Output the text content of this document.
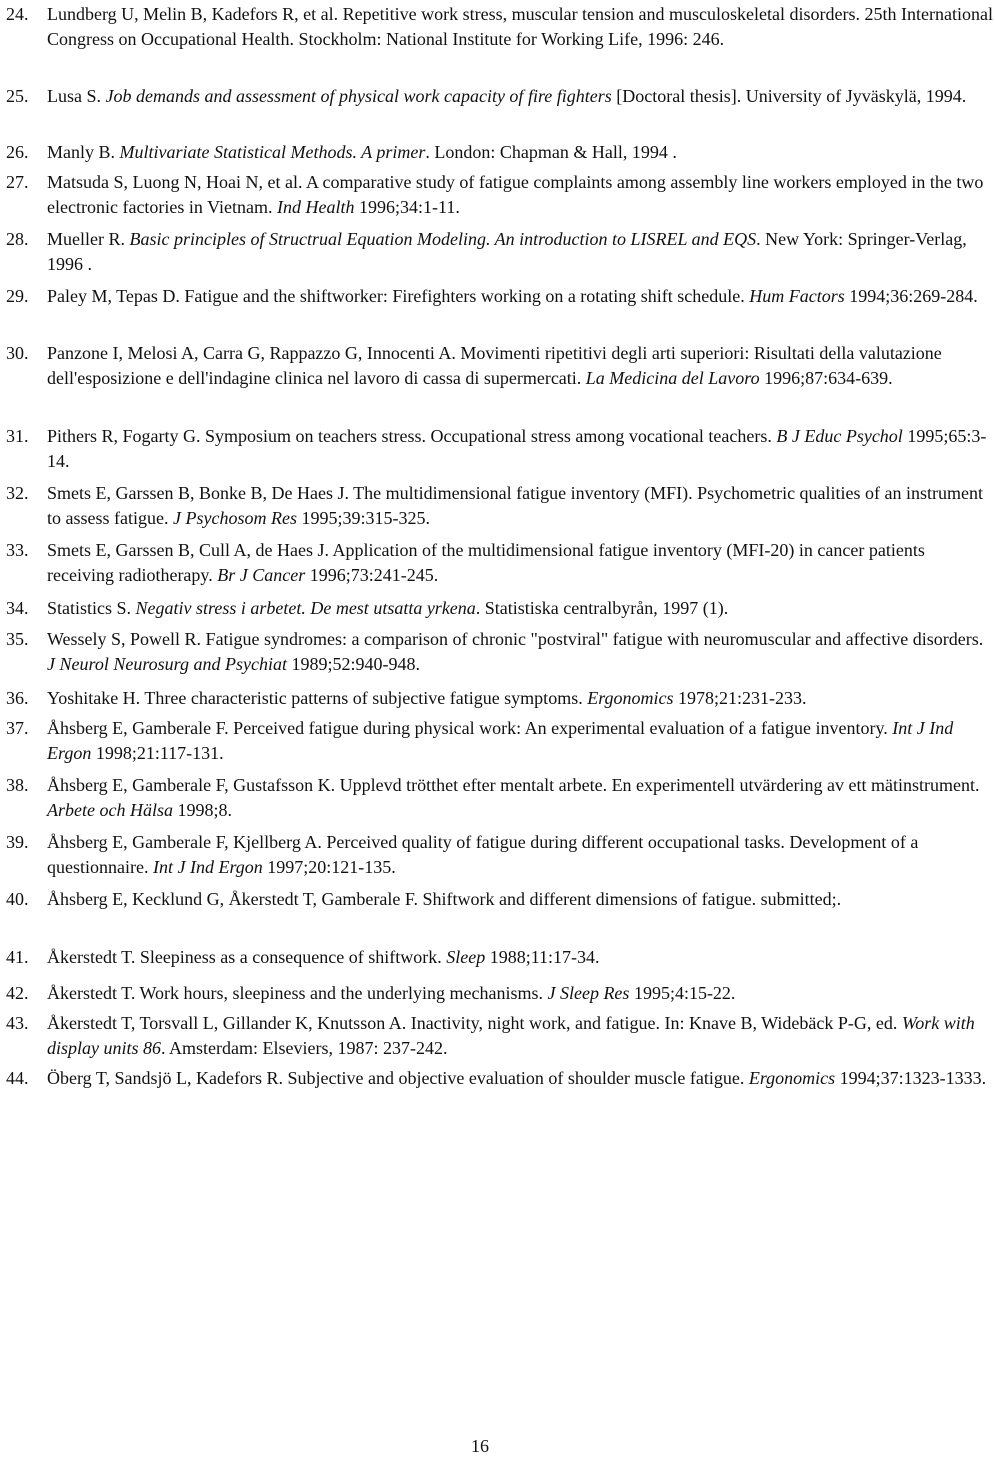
24. Lundberg U, Melin B, Kadefors R, et al. Repetitive work stress, muscular tension and musculoskeletal disorders. 25th International Congress on Occupational Health. Stockholm: National Institute for Working Life, 1996: 246.
25. Lusa S. Job demands and assessment of physical work capacity of fire fighters [Doctoral thesis]. University of Jyväskylä, 1994.
26. Manly B. Multivariate Statistical Methods. A primer. London: Chapman & Hall, 1994 .
27. Matsuda S, Luong N, Hoai N, et al. A comparative study of fatigue complaints among assembly line workers employed in the two electronic factories in Vietnam. Ind Health 1996;34:1-11.
28. Mueller R. Basic principles of Structrual Equation Modeling. An introduction to LISREL and EQS. New York: Springer-Verlag, 1996 .
29. Paley M, Tepas D. Fatigue and the shiftworker: Firefighters working on a rotating shift schedule. Hum Factors 1994;36:269-284.
30. Panzone I, Melosi A, Carra G, Rappazzo G, Innocenti A. Movimenti ripetitivi degli arti superiori: Risultati della valutazione dell'esposizione e dell'indagine clinica nel lavoro di cassa di supermercati. La Medicina del Lavoro 1996;87:634-639.
31. Pithers R, Fogarty G. Symposium on teachers stress. Occupational stress among vocational teachers. B J Educ Psychol 1995;65:3-14.
32. Smets E, Garssen B, Bonke B, De Haes J. The multidimensional fatigue inventory (MFI). Psychometric qualities of an instrument to assess fatigue. J Psychosom Res 1995;39:315-325.
33. Smets E, Garssen B, Cull A, de Haes J. Application of the multidimensional fatigue inventory (MFI-20) in cancer patients receiving radiotherapy. Br J Cancer 1996;73:241-245.
34. Statistics S. Negativ stress i arbetet. De mest utsatta yrkena. Statistiska centralbyrån, 1997 (1).
35. Wessely S, Powell R. Fatigue syndromes: a comparison of chronic "postviral" fatigue with neuromuscular and affective disorders. J Neurol Neurosurg and Psychiat 1989;52:940-948.
36. Yoshitake H. Three characteristic patterns of subjective fatigue symptoms. Ergonomics 1978;21:231-233.
37. Åhsberg E, Gamberale F. Perceived fatigue during physical work: An experimental evaluation of a fatigue inventory. Int J Ind Ergon 1998;21:117-131.
38. Åhsberg E, Gamberale F, Gustafsson K. Upplevd trötthet efter mentalt arbete. En experimentell utvärdering av ett mätinstrument. Arbete och Hälsa 1998;8.
39. Åhsberg E, Gamberale F, Kjellberg A. Perceived quality of fatigue during different occupational tasks. Development of a questionnaire. Int J Ind Ergon 1997;20:121-135.
40. Åhsberg E, Kecklund G, Åkerstedt T, Gamberale F. Shiftwork and different dimensions of fatigue. submitted;.
41. Åkerstedt T. Sleepiness as a consequence of shiftwork. Sleep 1988;11:17-34.
42. Åkerstedt T. Work hours, sleepiness and the underlying mechanisms. J Sleep Res 1995;4:15-22.
43. Åkerstedt T, Torsvall L, Gillander K, Knutsson A. Inactivity, night work, and fatigue. In: Knave B, Widebäck P-G, ed. Work with display units 86. Amsterdam: Elseviers, 1987: 237-242.
44. Öberg T, Sandsjö L, Kadefors R. Subjective and objective evaluation of shoulder muscle fatigue. Ergonomics 1994;37:1323-1333.
16
